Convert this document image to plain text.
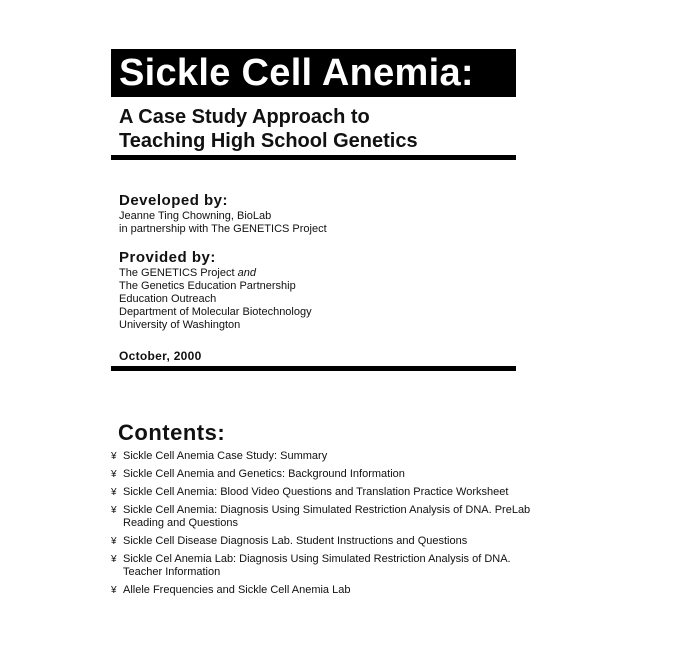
Sickle Cell Anemia:
A Case Study Approach to
Teaching High School Genetics
Developed by:
Jeanne Ting Chowning, BioLab
in partnership with The GENETICS Project
Provided by:
The GENETICS Project and
The Genetics Education Partnership
Education Outreach
Department of Molecular Biotechnology
University of Washington
October, 2000
Contents:
¥ Sickle Cell Anemia Case Study: Summary
¥ Sickle Cell Anemia and Genetics: Background Information
¥ Sickle Cell Anemia: Blood Video Questions and Translation Practice Worksheet
¥ Sickle Cell Anemia: Diagnosis Using Simulated Restriction Analysis of DNA. PreLab Reading and Questions
¥ Sickle Cell Disease Diagnosis Lab. Student Instructions and Questions
¥ Sickle Cel Anemia Lab: Diagnosis Using Simulated Restriction Analysis of DNA. Teacher Information
¥ Allele Frequencies and Sickle Cell Anemia Lab
